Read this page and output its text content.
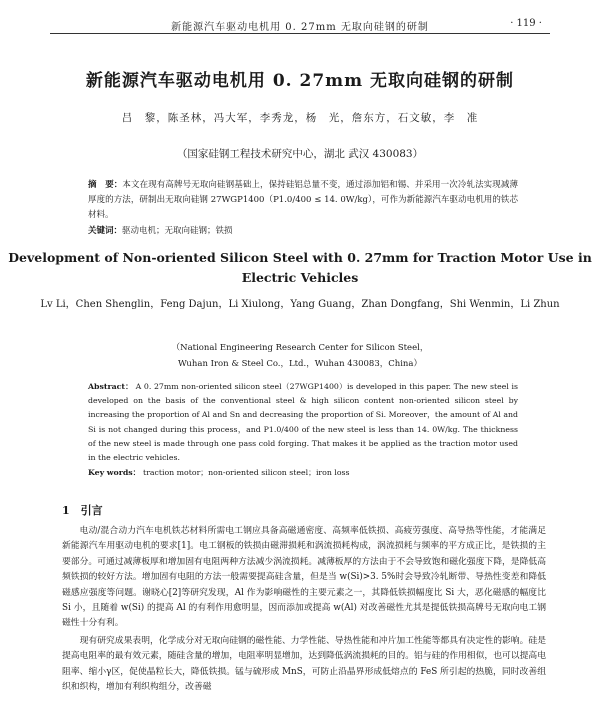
新能源汽车驱动电机用 0. 27mm 无取向硅钢的研制	· 119 ·
新能源汽车驱动电机用 0. 27mm 无取向硅钢的研制
吕　黎，陈圣林，冯大军，李秀龙，杨　光，詹东方，石文敏，李　准
（国家硅钢工程技术研究中心，湖北 武汉 430083）
摘　要：本文在现有高牌号无取向硅钢基础上，保持硅铝总量不变，通过添加铝和锡、并采用一次冷轧法实现减薄厚度的方法，研制出无取向硅钢 27WGP1400（P1.0/400 ≤ 14. 0W/kg），可作为新能源汽车驱动电机用的铁芯材料。
关键词：驱动电机；无取向硅钢；铁损
Development of Non-oriented Silicon Steel with 0. 27mm for Traction Motor Use in Electric Vehicles
Lv Li，Chen Shenglin，Feng Dajun，Li Xiulong，Yang Guang，Zhan Dongfang，Shi Wenmin，Li Zhun
（National Engineering Research Center for Silicon Steel，
Wuhan Iron & Steel Co.，Ltd.，Wuhan 430083，China）
Abstract： A 0. 27mm non-oriented silicon steel（27WGP1400）is developed in this paper. The new steel is developed on the basis of the conventional steel & high silicon content non-oriented silicon steel by increasing the proportion of Al and Sn and decreasing the proportion of Si. Moreover，the amount of Al and Si is not changed during this process，and P1.0/400 of the new steel is less than 14. 0W/kg. The thickness of the new steel is made through one pass cold forging. That makes it be applied as the traction motor used in the electric vehicles.
Key words： traction motor；non-oriented silicon steel；iron loss
1　引言
电动/混合动力汽车电机铁芯材料所需电工钢应具备高磁通密度、高频率低铁损、高疲劳强度、高导热等性能，才能满足新能源汽车用驱动电机的要求[1]。电工钢板的铁损由磁滞损耗和涡流损耗构成，涡流损耗与频率的平方成正比，是铁损的主要部分。可通过减薄板厚和增加固有电阻两种方法减少涡流损耗。减薄板厚的方法由于不会导致饱和磁化强度下降，是降低高频铁损的较好方法。增加固有电阻的方法一般需要提高硅含量，但是当 w(Si)>3. 5%时会导致冷轧断带、导热性变差和降低磁感应强度等问题。谢晓心[2]等研究发现，Al 作为影响磁性的主要元素之一，其降低铁损幅度比 Si 大，恶化磁感的幅度比 Si 小，且随着 w(Si) 的提高 Al 的有利作用愈明显，因而添加或提高 w(Al) 对改善磁性尤其是提低铁损高牌号无取向电工钢磁性十分有利。
现有研究成果表明，化学成分对无取向硅钢的磁性能、力学性能、导热性能和冲片加工性能等都具有决定性的影响。硅是提高电阻率的最有效元素，随硅含量的增加，电阻率明显增加，达到降低涡流损耗的目的。铝与硅的作用相似，也可以提高电阻率、缩小γ区，促使晶粒长大，降低铁损。锰与硫形成 MnS，可防止沿晶界形成低熔点的 FeS 所引起的热脆，同时改善组织和织构，增加有利织构组分，改善磁
